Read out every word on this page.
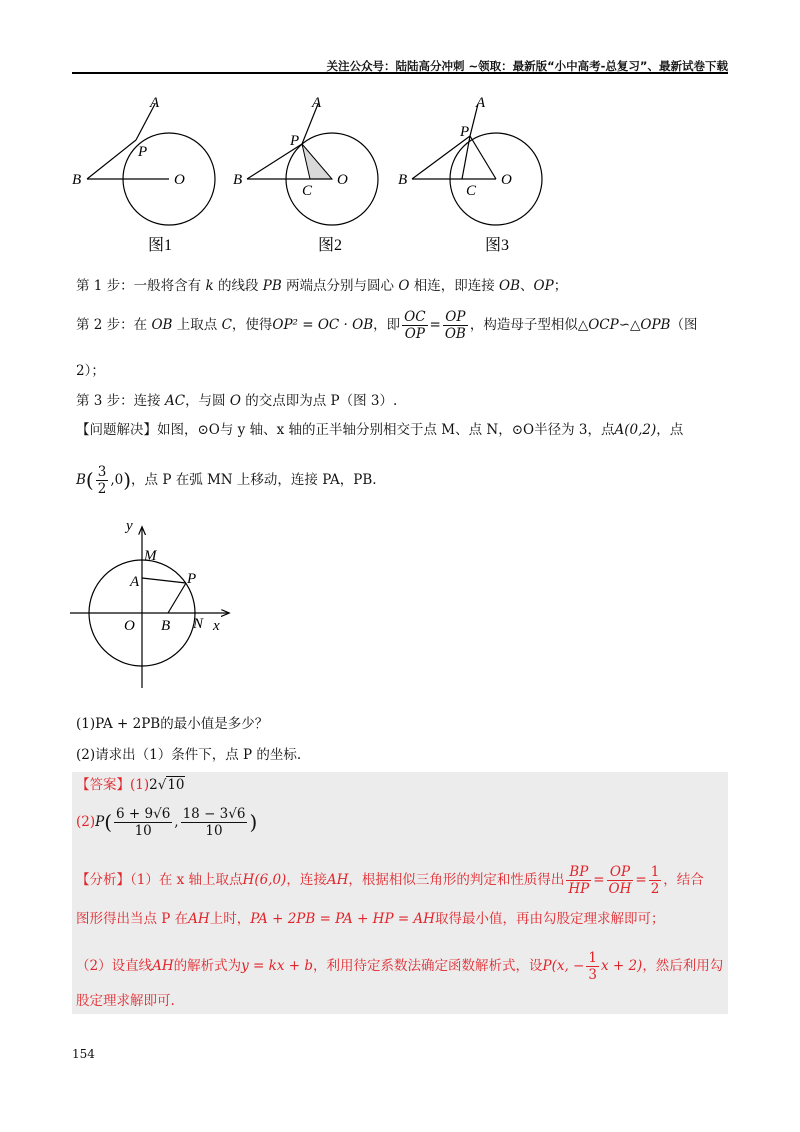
关注公众号：陆陆高分冲刺 ~领取：最新版“小中高考-总复习”、最新试卷下载
A
P
B	O
图1
A
P
B	O
C
图2
A
P
B	O
C
图3
第 1 步：一般将含有 k 的线段 PB 两端点分别与圆心 O 相连，即连接 OB、OP；
第 2 步：在 OB 上取点 C，使得OP² = OC · OB，即 $\frac{OC}{OP} = \frac{OP}{OB}$ ，构造母子型相似△OCP∽△OPB（图
2）；
第 3 步：连接 AC，与圆 O 的交点即为点 P（图 3）.
【问题解决】如图，⊙O与 y 轴、x 轴的正半轴分别相交于点 M、点 N，⊙O半径为 3，点A(0,2)，点
$B( \frac{3}{2} ,0)$，点 P 在弧 MN 上移动，连接 PA，PB.
y
M
A	P
O B N x
(1)PA + 2PB的最小值是多少？
(2)请求出（1）条件下，点 P 的坐标.
【答案】(1)2√10
$(2)P( \frac{6 + 9√6}{10}$ , $\frac{18 - 3√6}{10}$ )
【分析】（1）在 x 轴上取点H(6,0)，连接AH，根据相似三角形的判定和性质得出 $\frac{BP}{HP} = \frac{OP}{OH} = \frac{1}{2}$ ，结合
图形得出当点 P 在AH上时，PA + 2PB = PA + HP = AH取得最小值，再由勾股定理求解即可；
（2）设直线AH的解析式为y = kx + b，利用待定系数法确定函数解析式，设P(x, − $\frac{1}{3}$ x + 2)，然后利用勾
股定理求解即可.
154
